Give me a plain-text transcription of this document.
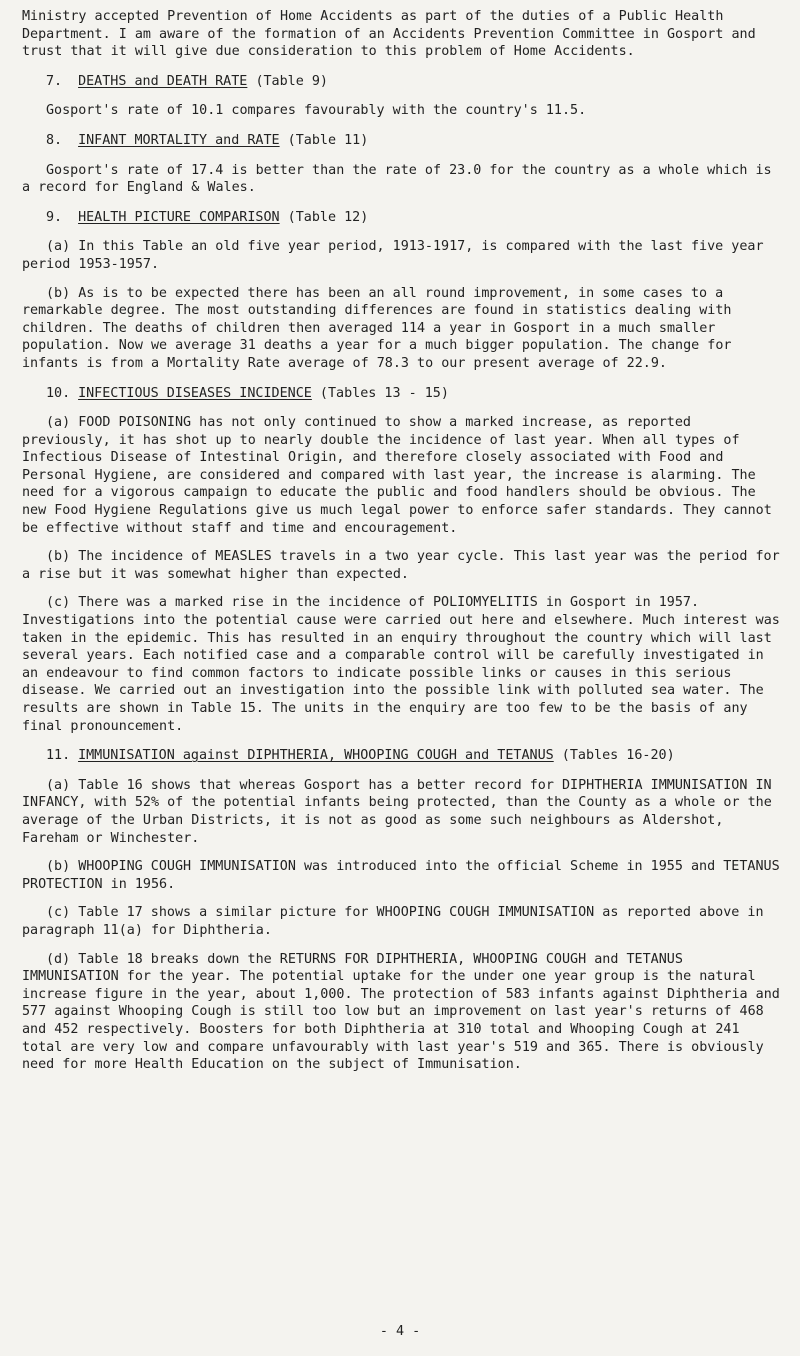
Ministry accepted Prevention of Home Accidents as part of the duties of a Public Health Department. I am aware of the formation of an Accidents Prevention Committee in Gosport and trust that it will give due consideration to this problem of Home Accidents.

7. DEATHS and DEATH RATE (Table 9)

Gosport's rate of 10.1 compares favourably with the country's 11.5.

8. INFANT MORTALITY and RATE (Table 11)

Gosport's rate of 17.4 is better than the rate of 23.0 for the country as a whole which is a record for England & Wales.

9. HEALTH PICTURE COMPARISON (Table 12)

(a) In this Table an old five year period, 1913-1917, is compared with the last five year period 1953-1957.

(b) As is to be expected there has been an all round improvement, in some cases to a remarkable degree. The most outstanding differences are found in statistics dealing with children. The deaths of children then averaged 114 a year in Gosport in a much smaller population. Now we average 31 deaths a year for a much bigger population. The change for infants is from a Mortality Rate average of 78.3 to our present average of 22.9.

10. INFECTIOUS DISEASES INCIDENCE (Tables 13 - 15)

(a) FOOD POISONING has not only continued to show a marked increase, as reported previously, it has shot up to nearly double the incidence of last year. When all types of Infectious Disease of Intestinal Origin, and therefore closely associated with Food and Personal Hygiene, are considered and compared with last year, the increase is alarming. The need for a vigorous campaign to educate the public and food handlers should be obvious. The new Food Hygiene Regulations give us much legal power to enforce safer standards. They cannot be effective without staff and time and encouragement.

(b) The incidence of MEASLES travels in a two year cycle. This last year was the period for a rise but it was somewhat higher than expected.

(c) There was a marked rise in the incidence of POLIOMYELITIS in Gosport in 1957. Investigations into the potential cause were carried out here and elsewhere. Much interest was taken in the epidemic. This has resulted in an enquiry throughout the country which will last several years. Each notified case and a comparable control will be carefully investigated in an endeavour to find common factors to indicate possible links or causes in this serious disease. We carried out an investigation into the possible link with polluted sea water. The results are shown in Table 15. The units in the enquiry are too few to be the basis of any final pronouncement.

11. IMMUNISATION against DIPHTHERIA, WHOOPING COUGH and TETANUS (Tables 16-20)

(a) Table 16 shows that whereas Gosport has a better record for DIPHTHERIA IMMUNISATION IN INFANCY, with 52% of the potential infants being protected, than the County as a whole or the average of the Urban Districts, it is not as good as some such neighbours as Aldershot, Fareham or Winchester.

(b) WHOOPING COUGH IMMUNISATION was introduced into the official Scheme in 1955 and TETANUS PROTECTION in 1956.

(c) Table 17 shows a similar picture for WHOOPING COUGH IMMUNISATION as reported above in paragraph 11(a) for Diphtheria.

(d) Table 18 breaks down the RETURNS FOR DIPHTHERIA, WHOOPING COUGH and TETANUS IMMUNISATION for the year. The potential uptake for the under one year group is the natural increase figure in the year, about 1,000. The protection of 583 infants against Diphtheria and 577 against Whooping Cough is still too low but an improvement on last year's returns of 468 and 452 respectively. Boosters for both Diphtheria at 310 total and Whooping Cough at 241 total are very low and compare unfavourably with last year's 519 and 365. There is obviously need for more Health Education on the subject of Immunisation.

- 4 -
